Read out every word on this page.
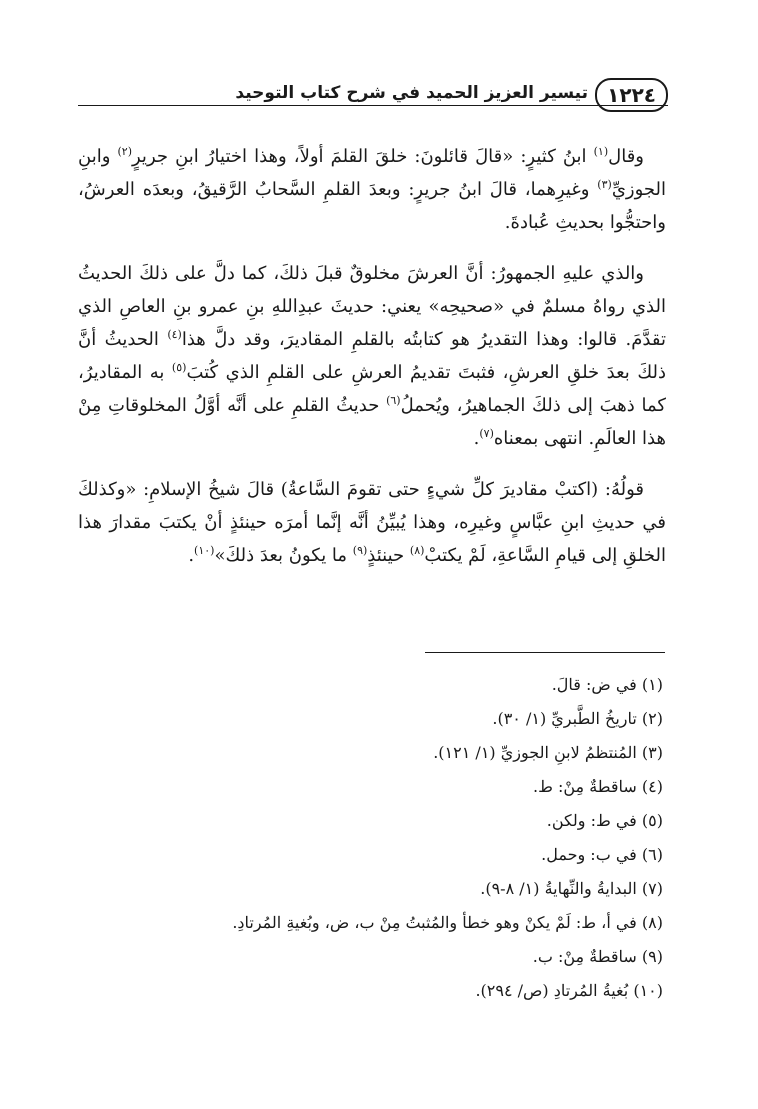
١٢٢٤
تيسير العزيز الحميد في شرح كتاب التوحيد

وقال$^{(١)}$ ابنُ كثيرٍ: «قالَ قائلونَ: خلقَ القلمَ أولاً، وهذا اختيارُ ابنِ جريرٍ$^{(٢)}$ وابنِ الجوزيِّ$^{(٣)}$ وغيرِهما، قالَ ابنُ جريرٍ: وبعدَ القلمِ السَّحابُ الرَّقيقُ، وبعدَه العرشُ، واحتجُّوا بحديثِ عُبادةَ.

والذي عليهِ الجمهورُ: أنَّ العرشَ مخلوقٌ قبلَ ذلكَ، كما دلَّ على ذلكَ الحديثُ الذي رواهُ مسلمٌ في «صحيحِه» يعني: حديثَ عبدِاللهِ بنِ عمرو بنِ العاصِ الذي تقدَّمَ. قالوا: وهذا التقديرُ هو كتابتُه بالقلمِ المقاديرَ، وقد دلَّ هذا$^{(٤)}$ الحديثُ أنَّ ذلكَ بعدَ خلقِ العرشِ، فثبتَ تقديمُ العرشِ على القلمِ الذي كُتبَ$^{(٥)}$ به المقاديرُ، كما ذهبَ إلى ذلكَ الجماهيرُ، ويُحملُ$^{(٦)}$ حديثُ القلمِ على أنَّه أوَّلُ المخلوقاتِ مِنْ هذا العالَمِ. انتهى بمعناه$^{(٧)}$.

قولُهُ: (اكتبْ مقاديرَ كلِّ شيءٍ حتى تقومَ السَّاعةُ) قالَ شيخُ الإسلامِ: «وكذلكَ في حديثِ ابنِ عبَّاسٍ وغيرِه، وهذا يُبيِّنُ أنَّه إنَّما أمرَه حينئذٍ أنْ يكتبَ مقدارَ هذا الخلقِ إلى قيامِ السَّاعةِ، لَمْ يكتبْ$^{(٨)}$ حينئذٍ$^{(٩)}$ ما يكونُ بعدَ ذلكَ»$^{(١٠)}$.

(١) في ض: قالَ.

(٢) تاريخُ الطَّبريِّ (١/ ٣٠).

(٣) المُنتظمُ لابنِ الجوزيِّ (١/ ١٢١).

(٤) ساقطةٌ مِنْ: ط.

(٥) في ط: ولكن.

(٦) في ب: وحمل.

(٧) البدايةُ والنِّهايةُ (١/ ٨-٩).

(٨) في أ، ط: لَمْ يكنْ وهو خطأ والمُثبتُ مِنْ ب، ض، وبُغيةِ المُرتادِ.

(٩) ساقطةٌ مِنْ: ب.

(١٠) بُغيةُ المُرتادِ (ص/ ٢٩٤).
